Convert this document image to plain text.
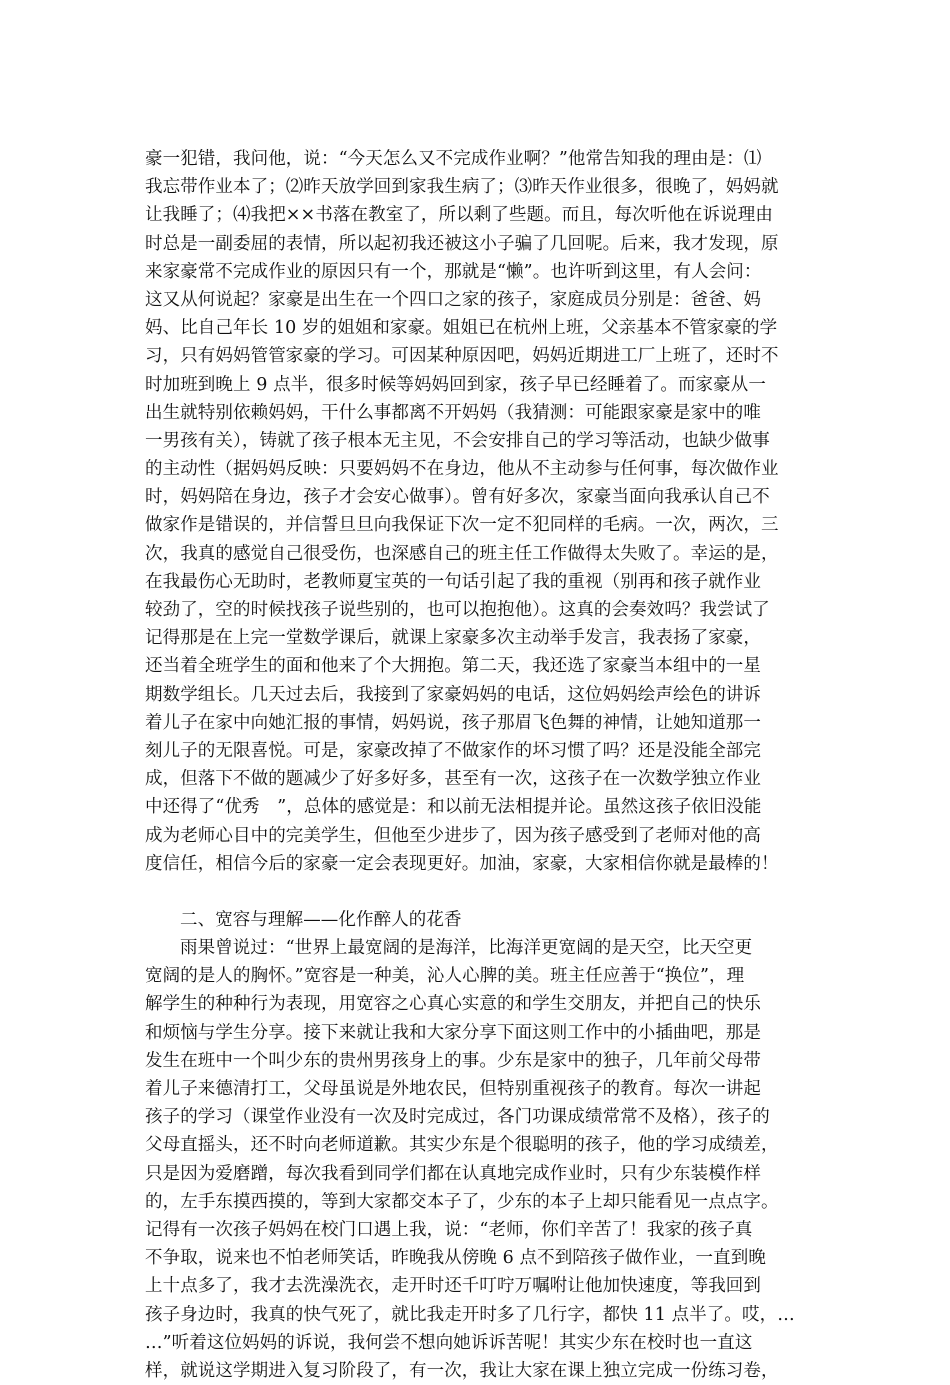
豪一犯错，我问他，说：“今天怎么又不完成作业啊？”他常告知我的理由是：⑴
我忘带作业本了；⑵昨天放学回到家我生病了；⑶昨天作业很多，很晚了，妈妈就
让我睡了；⑷我把××书落在教室了，所以剩了些题。而且，每次听他在诉说理由
时总是一副委屈的表情，所以起初我还被这小子骗了几回呢。后来，我才发现，原
来家豪常不完成作业的原因只有一个，那就是“懒”。也许听到这里，有人会问：
这又从何说起？家豪是出生在一个四口之家的孩子，家庭成员分别是：爸爸、妈
妈、比自己年长 10 岁的姐姐和家豪。姐姐已在杭州上班，父亲基本不管家豪的学
习，只有妈妈管管家豪的学习。可因某种原因吧，妈妈近期进工厂上班了，还时不
时加班到晚上 9 点半，很多时候等妈妈回到家，孩子早已经睡着了。而家豪从一
出生就特别依赖妈妈，干什么事都离不开妈妈（我猜测：可能跟家豪是家中的唯
一男孩有关），铸就了孩子根本无主见，不会安排自己的学习等活动，也缺少做事
的主动性（据妈妈反映：只要妈妈不在身边，他从不主动参与任何事，每次做作业
时，妈妈陪在身边，孩子才会安心做事）。曾有好多次，家豪当面向我承认自己不
做家作是错误的，并信誓旦旦向我保证下次一定不犯同样的毛病。一次，两次，三
次，我真的感觉自己很受伤，也深感自己的班主任工作做得太失败了。幸运的是，
在我最伤心无助时，老教师夏宝英的一句话引起了我的重视（别再和孩子就作业
较劲了，空的时候找孩子说些别的，也可以抱抱他）。这真的会奏效吗？我尝试了
记得那是在上完一堂数学课后，就课上家豪多次主动举手发言，我表扬了家豪，
还当着全班学生的面和他来了个大拥抱。第二天，我还选了家豪当本组中的一星
期数学组长。几天过去后，我接到了家豪妈妈的电话，这位妈妈绘声绘色的讲诉
着儿子在家中向她汇报的事情，妈妈说，孩子那眉飞色舞的神情，让她知道那一
刻儿子的无限喜悦。可是，家豪改掉了不做家作的坏习惯了吗？还是没能全部完
成，但落下不做的题减少了好多好多，甚至有一次，这孩子在一次数学独立作业
中还得了“优秀　”，总体的感觉是：和以前无法相提并论。虽然这孩子依旧没能
成为老师心目中的完美学生，但他至少进步了，因为孩子感受到了老师对他的高
度信任，相信今后的家豪一定会表现更好。加油，家豪，大家相信你就是最棒的！
二、宽容与理解——化作醉人的花香
雨果曾说过：“世界上最宽阔的是海洋，比海洋更宽阔的是天空，比天空更
宽阔的是人的胸怀。”宽容是一种美，沁人心脾的美。班主任应善于“换位”，理
解学生的种种行为表现，用宽容之心真心实意的和学生交朋友，并把自己的快乐
和烦恼与学生分享。接下来就让我和大家分享下面这则工作中的小插曲吧，那是
发生在班中一个叫少东的贵州男孩身上的事。少东是家中的独子，几年前父母带
着儿子来德清打工，父母虽说是外地农民，但特别重视孩子的教育。每次一讲起
孩子的学习（课堂作业没有一次及时完成过，各门功课成绩常常不及格），孩子的
父母直摇头，还不时向老师道歉。其实少东是个很聪明的孩子，他的学习成绩差，
只是因为爱磨蹭，每次我看到同学们都在认真地完成作业时，只有少东装模作样
的，左手东摸西摸的，等到大家都交本子了，少东的本子上却只能看见一点点字。
记得有一次孩子妈妈在校门口遇上我，说：“老师，你们辛苦了！我家的孩子真
不争取，说来也不怕老师笑话，昨晚我从傍晚 6 点不到陪孩子做作业，一直到晚
上十点多了，我才去洗澡洗衣，走开时还千叮咛万嘱咐让他加快速度，等我回到
孩子身边时，我真的快气死了，就比我走开时多了几行字，都快 11 点半了。哎，…
…”听着这位妈妈的诉说，我何尝不想向她诉诉苦呢！其实少东在校时也一直这
样，就说这学期进入复习阶段了，有一次，我让大家在课上独立完成一份练习卷，
